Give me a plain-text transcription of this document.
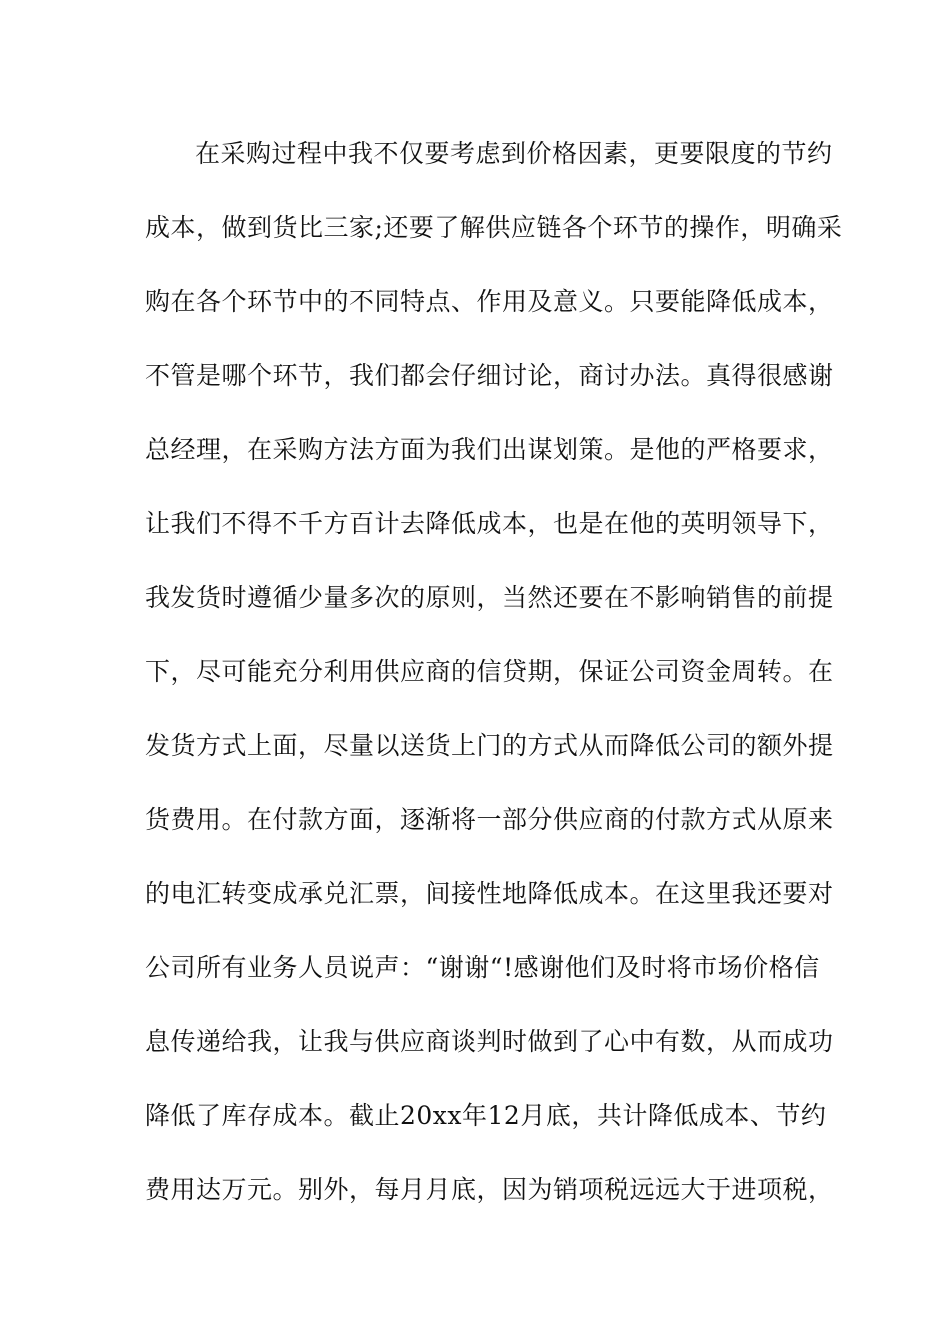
在采购过程中我不仅要考虑到价格因素，更要限度的节约
成本，做到货比三家;还要了解供应链各个环节的操作，明确采
购在各个环节中的不同特点、作用及意义。只要能降低成本，
不管是哪个环节，我们都会仔细讨论，商讨办法。真得很感谢
总经理，在采购方法方面为我们出谋划策。是他的严格要求，
让我们不得不千方百计去降低成本，也是在他的英明领导下，
我发货时遵循少量多次的原则，当然还要在不影响销售的前提
下，尽可能充分利用供应商的信贷期，保证公司资金周转。在
发货方式上面，尽量以送货上门的方式从而降低公司的额外提
货费用。在付款方面，逐渐将一部分供应商的付款方式从原来
的电汇转变成承兑汇票，间接性地降低成本。在这里我还要对
公司所有业务人员说声：“谢谢“!感谢他们及时将市场价格信
息传递给我，让我与供应商谈判时做到了心中有数，从而成功
降低了库存成本。截止20xx年12月底，共计降低成本、节约
费用达万元。别外，每月月底，因为销项税远远大于进项税，
